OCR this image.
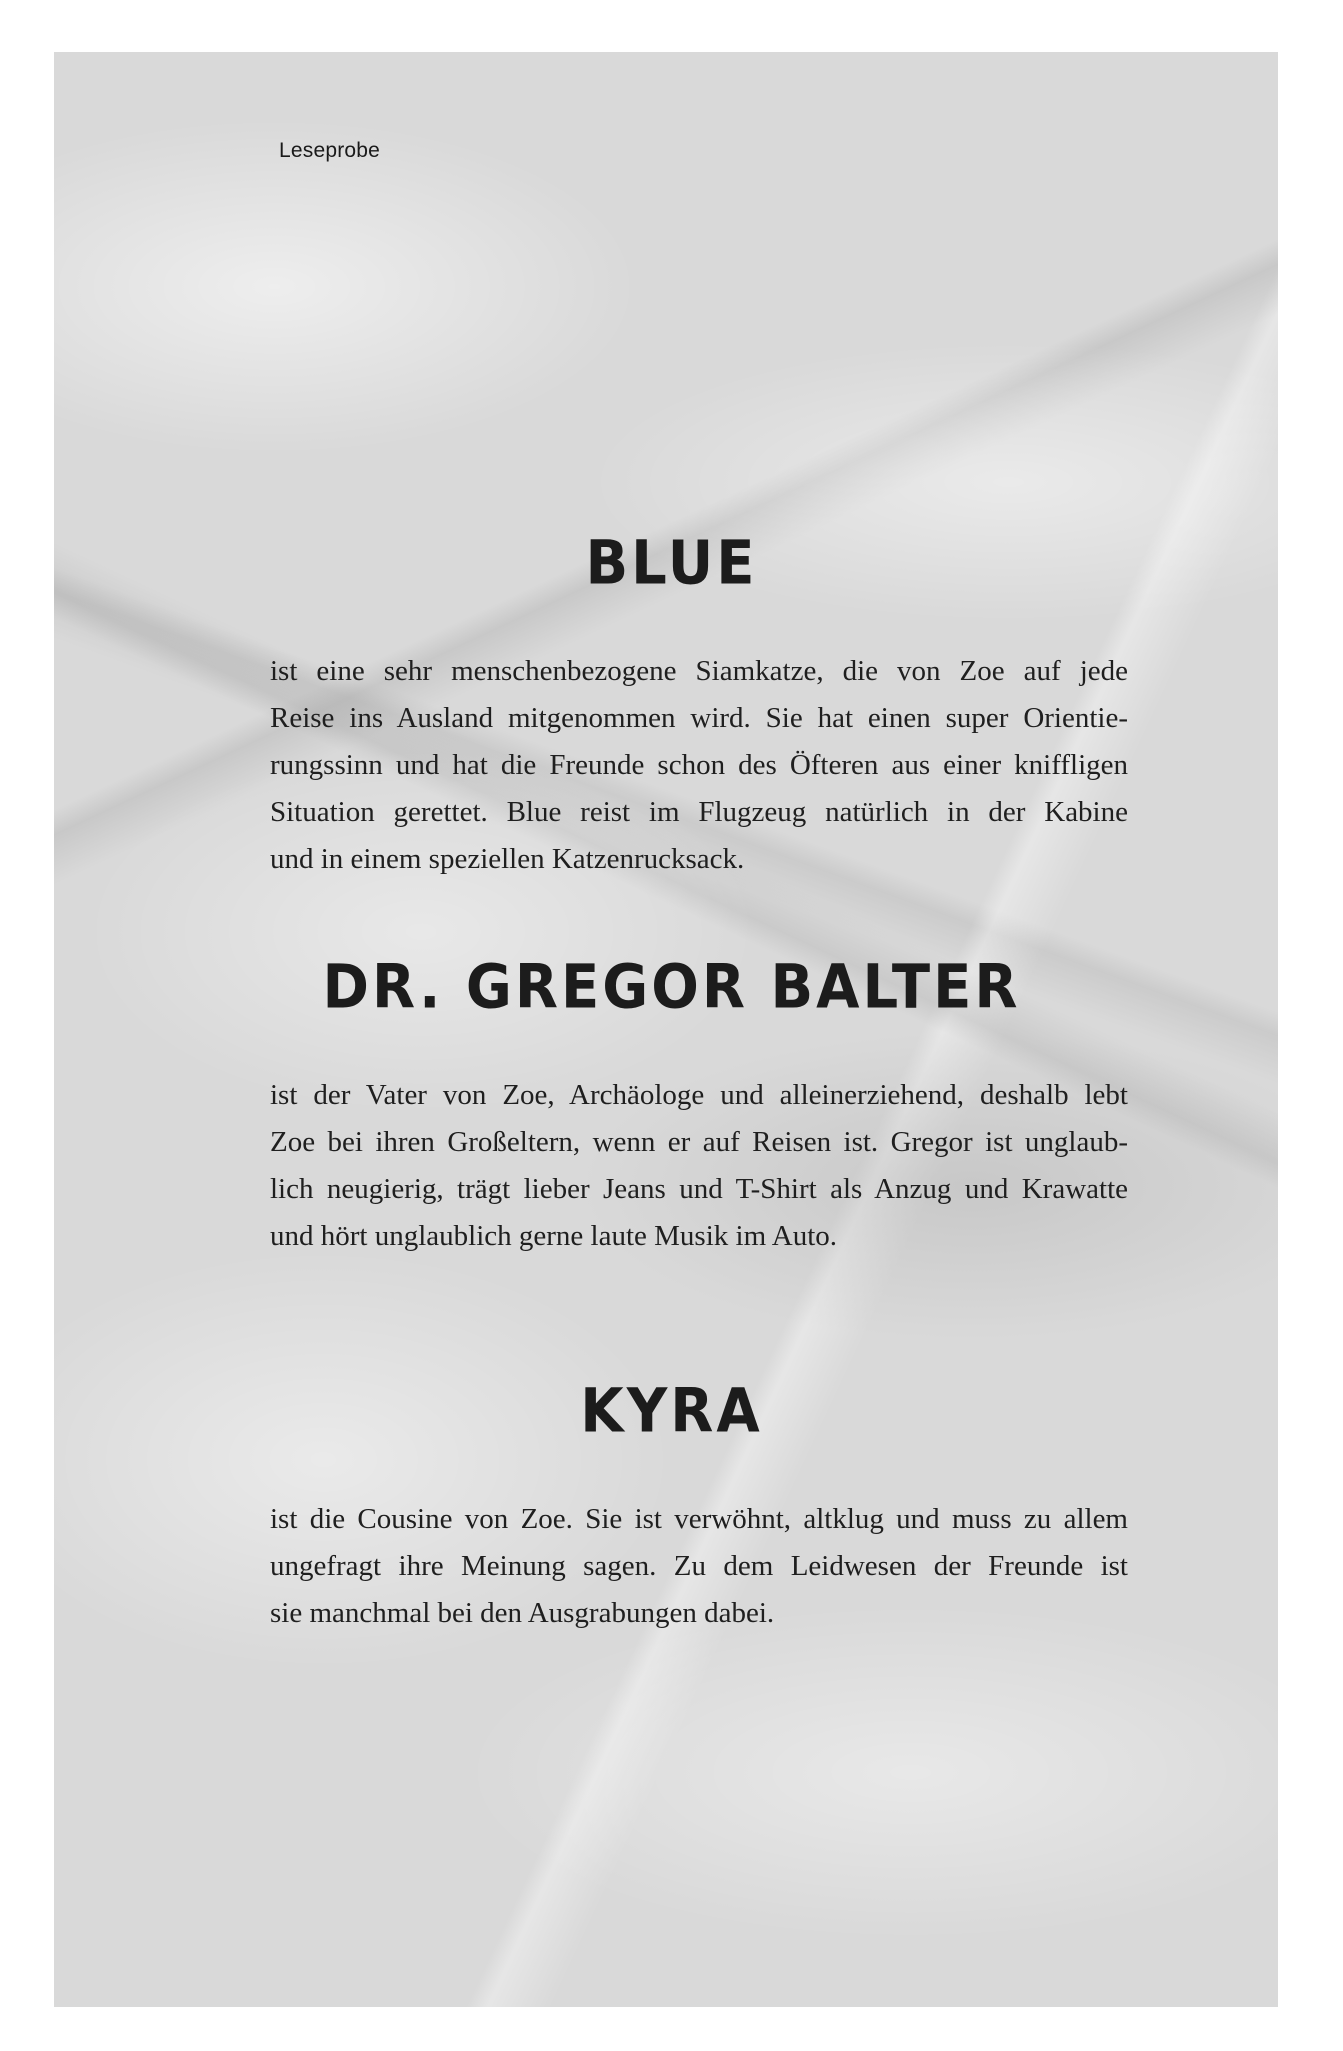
Leseprobe
BLUE

ist eine sehr menschenbezogene Siamkatze, die von Zoe auf jede

Reise ins Ausland mitgenommen wird. Sie hat einen super Orientie-

rungssinn und hat die Freunde schon des Öfteren aus einer kniffligen

Situation gerettet. Blue reist im Flugzeug natürlich in der Kabine

und in einem speziellen Katzenrucksack.

DR. GREGOR BALTER

ist der Vater von Zoe, Archäologe und alleinerziehend, deshalb lebt

Zoe bei ihren Großeltern, wenn er auf Reisen ist. Gregor ist unglaub-

lich neugierig, trägt lieber Jeans und T-Shirt als Anzug und Krawatte

und hört unglaublich gerne laute Musik im Auto.

KYRA

ist die Cousine von Zoe. Sie ist verwöhnt, altklug und muss zu allem

ungefragt ihre Meinung sagen. Zu dem Leidwesen der Freunde ist

sie manchmal bei den Ausgrabungen dabei.
